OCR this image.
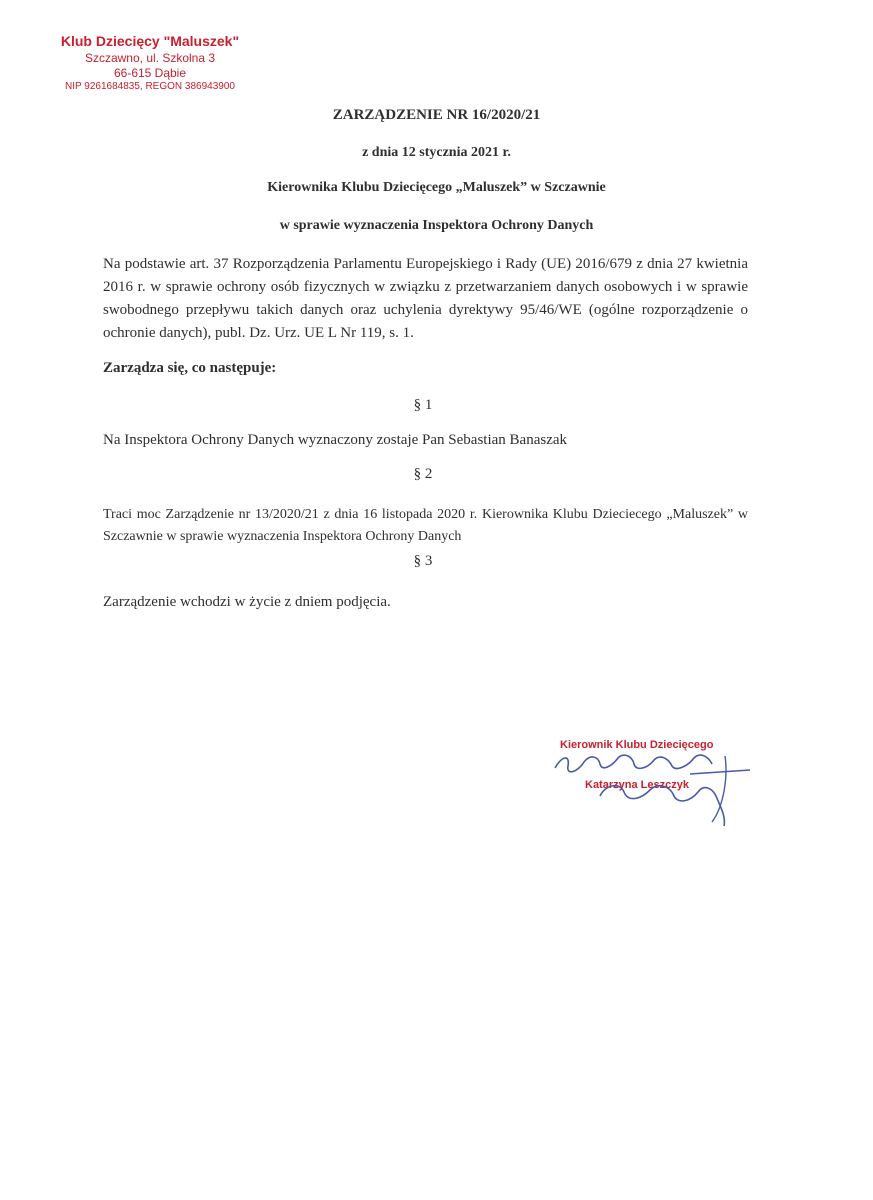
Klub Dziecięcy "Maluszek"
Szczawno, ul. Szkolna 3
66-615 Dąbie
NIP 9261684835, REGON 386943900
ZARZĄDZENIE NR 16/2020/21
z dnia 12 stycznia 2021 r.
Kierownika Klubu Dziecięcego „Maluszek” w Szczawnie
w sprawie wyznaczenia Inspektora Ochrony Danych
Na podstawie art. 37 Rozporządzenia Parlamentu Europejskiego i Rady (UE) 2016/679 z dnia 27 kwietnia 2016 r. w sprawie ochrony osób fizycznych w związku z przetwarzaniem danych osobowych i w sprawie swobodnego przepływu takich danych oraz uchylenia dyrektywy 95/46/WE (ogólne rozporządzenie o ochronie danych), publ. Dz. Urz. UE L Nr 119, s. 1.
Zarządza się, co następuje:
§ 1
Na Inspektora Ochrony Danych wyznaczony zostaje Pan Sebastian Banaszak
§ 2
Traci moc Zarządzenie nr 13/2020/21 z dnia 16 listopada 2020 r. Kierownika Klubu Dzieciecego „Maluszek” w Szczawnie w sprawie wyznaczenia Inspektora Ochrony Danych
§ 3
Zarządzenie wchodzi w życie z dniem podjęcia.
Kierownik Klubu Dziecięcego
Katarzyna Leszczyk
